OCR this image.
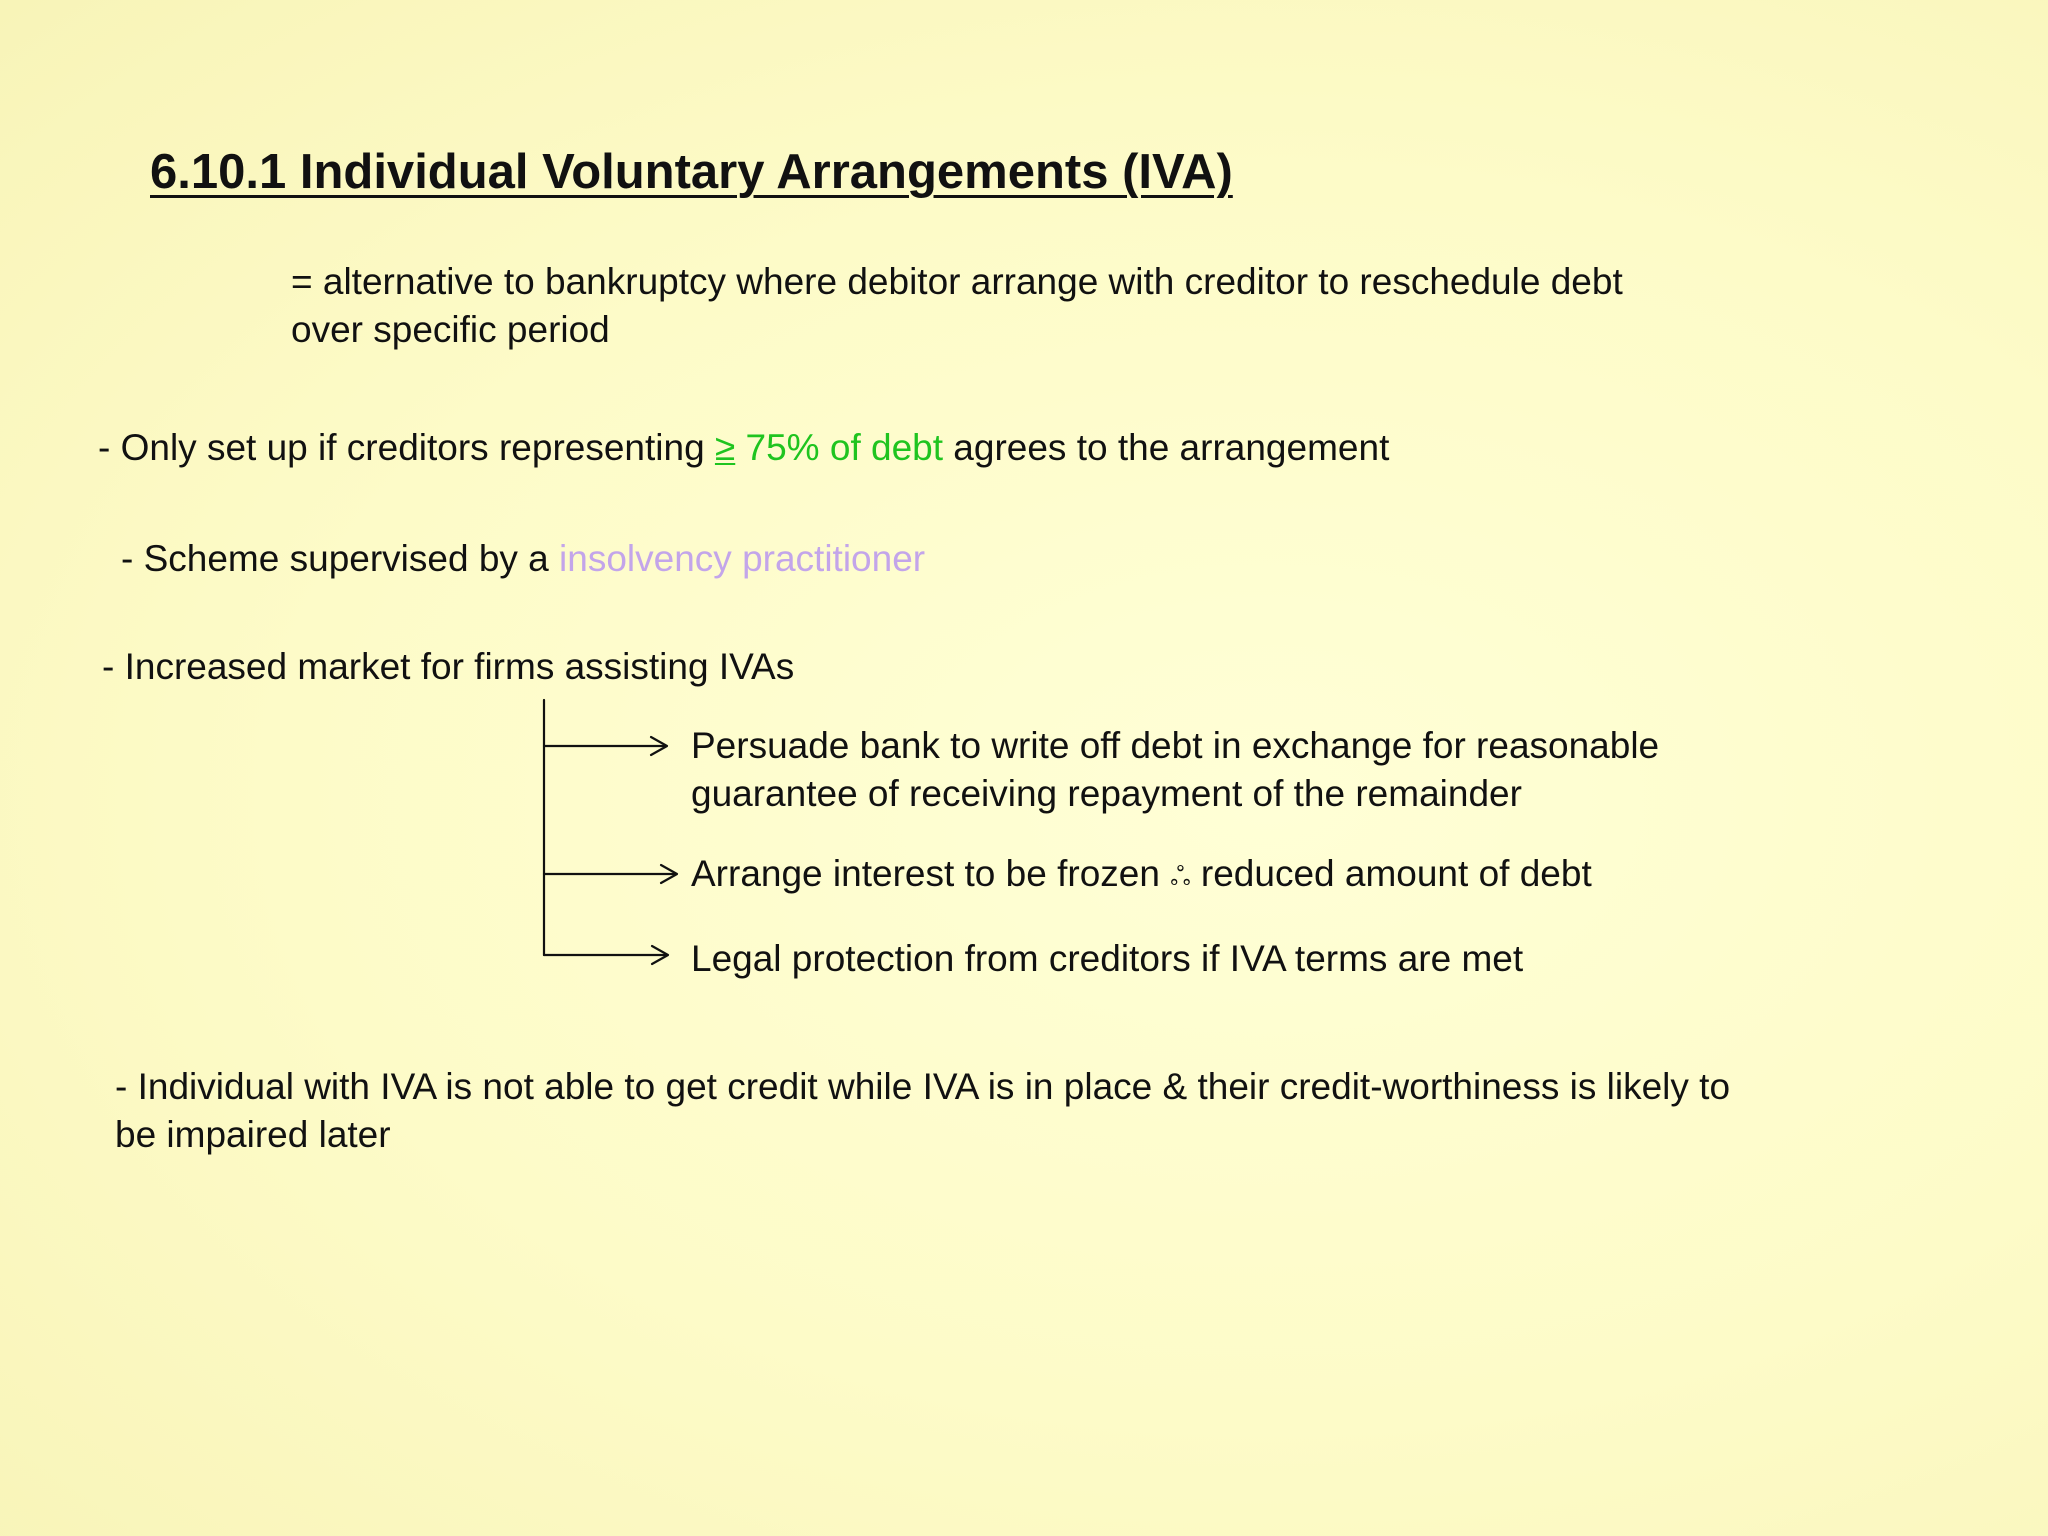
6.10.1 Individual Voluntary Arrangements (IVA)

= alternative to bankruptcy where debitor arrange with creditor to reschedule debt

over specific period

- Only set up if creditors representing ≥ 75% of debt agrees to the arrangement

- Scheme supervised by a insolvency practitioner

- Increased market for firms assisting IVAs

Persuade bank to write off debt in exchange for reasonable

guarantee of receiving repayment of the remainder

Arrange interest to be frozen ஃ reduced amount of debt

Legal protection from creditors if IVA terms are met

- Individual with IVA is not able to get credit while IVA is in place & their credit-worthiness is likely to

be impaired later
